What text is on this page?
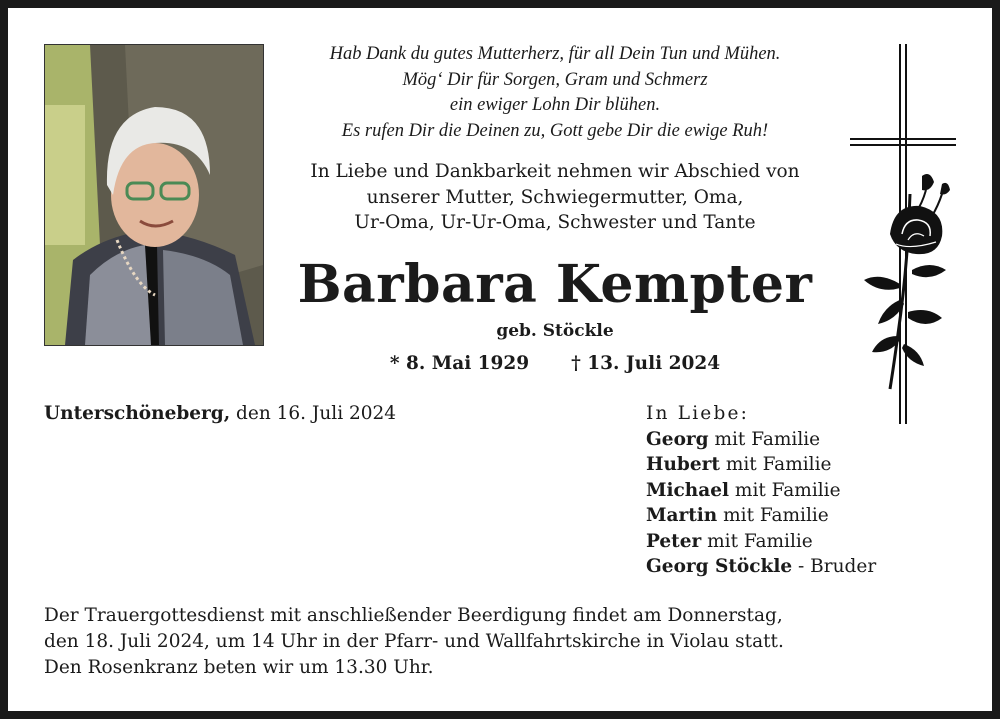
Hab Dank du gutes Mutterherz, für all Dein Tun und Mühen.
Mög‘ Dir für Sorgen, Gram und Schmerz
ein ewiger Lohn Dir blühen.
Es rufen Dir die Deinen zu, Gott gebe Dir die ewige Ruh!
In Liebe und Dankbarkeit nehmen wir Abschied von
unserer Mutter, Schwiegermutter, Oma,
Ur-Oma, Ur-Ur-Oma, Schwester und Tante
Barbara Kempter
geb. Stöckle
* 8. Mai 1929 † 13. Juli 2024
Unterschöneberg, den 16. Juli 2024	In Liebe:
Georg mit Familie
Hubert mit Familie
Michael mit Familie
Martin mit Familie
Peter mit Familie
Georg Stöckle - Bruder
Der Trauergottesdienst mit anschließender Beerdigung findet am Donnerstag,
den 18. Juli 2024, um 14 Uhr in der Pfarr- und Wallfahrtskirche in Violau statt.
Den Rosenkranz beten wir um 13.30 Uhr.
